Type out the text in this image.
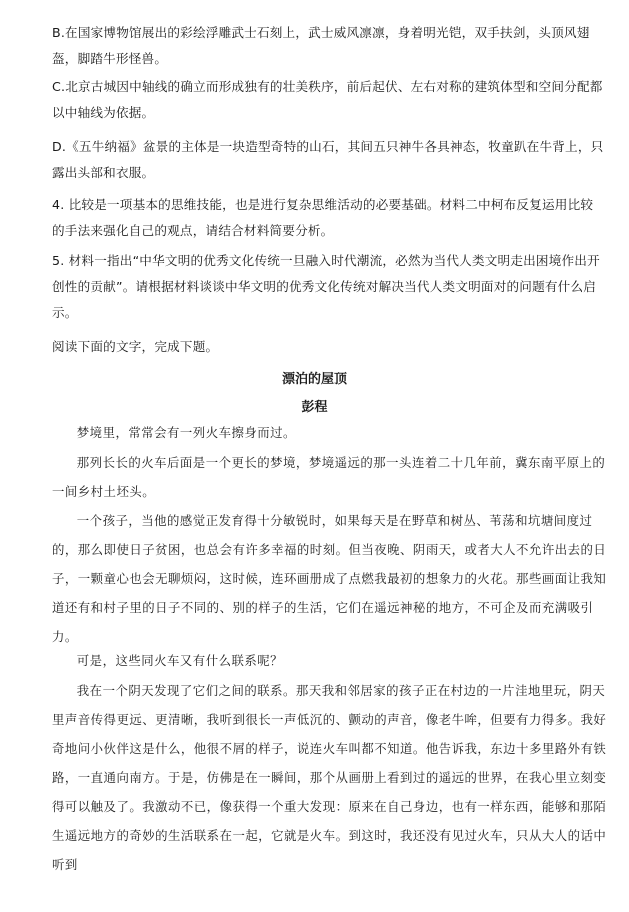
B.在国家博物馆展出的彩绘浮雕武士石刻上，武士威风凛凛，身着明光铠，双手扶剑，头顶风翅盔，脚踏牛形怪兽。

C.北京古城因中轴线的确立而形成独有的壮美秩序，前后起伏、左右对称的建筑体型和空间分配都以中轴线为依据。

D.《五牛纳福》盆景的主体是一块造型奇特的山石，其间五只神牛各具神态，牧童趴在牛背上，只露出头部和衣服。

4. 比较是一项基本的思维技能，也是进行复杂思维活动的必要基础。材料二中柯布反复运用比较的手法来强化自己的观点，请结合材料简要分析。

5. 材料一指出“中华文明的优秀文化传统一旦融入时代潮流，必然为当代人类文明走出困境作出开创性的贡献”。请根据材料谈谈中华文明的优秀文化传统对解决当代人类文明面对的问题有什么启示。

阅读下面的文字，完成下题。

漂泊的屋顶

彭程

梦境里，常常会有一列火车擦身而过。

那列长长的火车后面是一个更长的梦境，梦境遥远的那一头连着二十几年前，冀东南平原上的一间乡村土坯头。

一个孩子，当他的感觉正发育得十分敏锐时，如果每天是在野草和树丛、苇荡和坑塘间度过的，那么即使日子贫困，也总会有许多幸福的时刻。但当夜晚、阴雨天，或者大人不允许出去的日子，一颗童心也会无聊烦闷，这时候，连环画册成了点燃我最初的想象力的火花。那些画面让我知道还有和村子里的日子不同的、别的样子的生活，它们在遥远神秘的地方，不可企及而充满吸引力。

可是，这些同火车又有什么联系呢？

我在一个阴天发现了它们之间的联系。那天我和邻居家的孩子正在村边的一片洼地里玩，阴天里声音传得更远、更清晰，我听到很长一声低沉的、颤动的声音，像老牛哞，但要有力得多。我好奇地问小伙伴这是什么，他很不屑的样子，说连火车叫都不知道。他告诉我，东边十多里路外有铁路，一直通向南方。于是，仿佛是在一瞬间，那个从画册上看到过的遥远的世界，在我心里立刻变得可以触及了。我激动不已，像获得一个重大发现：原来在自己身边，也有一样东西，能够和那陌生遥远地方的奇妙的生活联系在一起，它就是火车。到这时，我还没有见过火车，只从大人的话中听到
